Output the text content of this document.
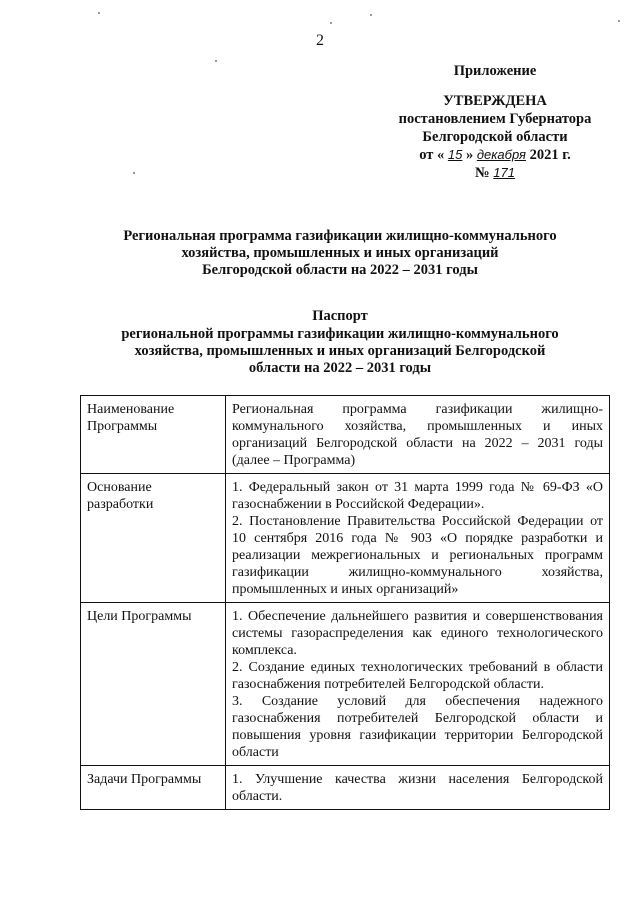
2
Приложение
УТВЕРЖДЕНА
постановлением Губернатора
Белгородской области
от « 15 » декабря 2021 г.
№ 171
Региональная программа газификации жилищно-коммунального
хозяйства, промышленных и иных организаций
Белгородской области на 2022 – 2031 годы
Паспорт
региональной программы газификации жилищно-коммунального
хозяйства, промышленных и иных организаций Белгородской
области на 2022 – 2031 годы
Наименование Программы	Региональная программа газификации жилищно-коммунального хозяйства, промышленных и иных организаций Белгородской области на 2022 – 2031 годы (далее – Программа)

Основание разработки	1. Федеральный закон от 31 марта 1999 года № 69-ФЗ «О газоснабжении в Российской Федерации».
2. Постановление Правительства Российской Федерации от 10 сентября 2016 года № 903 «О порядке разработки и реализации межрегиональных и региональных программ газификации жилищно-коммунального хозяйства, промышленных и иных организаций»

Цели Программы	1. Обеспечение дальнейшего развития и совершенствования системы газораспределения как единого технологического комплекса.
2. Создание единых технологических требований в области газоснабжения потребителей Белгородской области.
3. Создание условий для обеспечения надежного газоснабжения потребителей Белгородской области и повышения уровня газификации территории Белгородской области

Задачи Программы	1. Улучшение качества жизни населения Белгородской области.
